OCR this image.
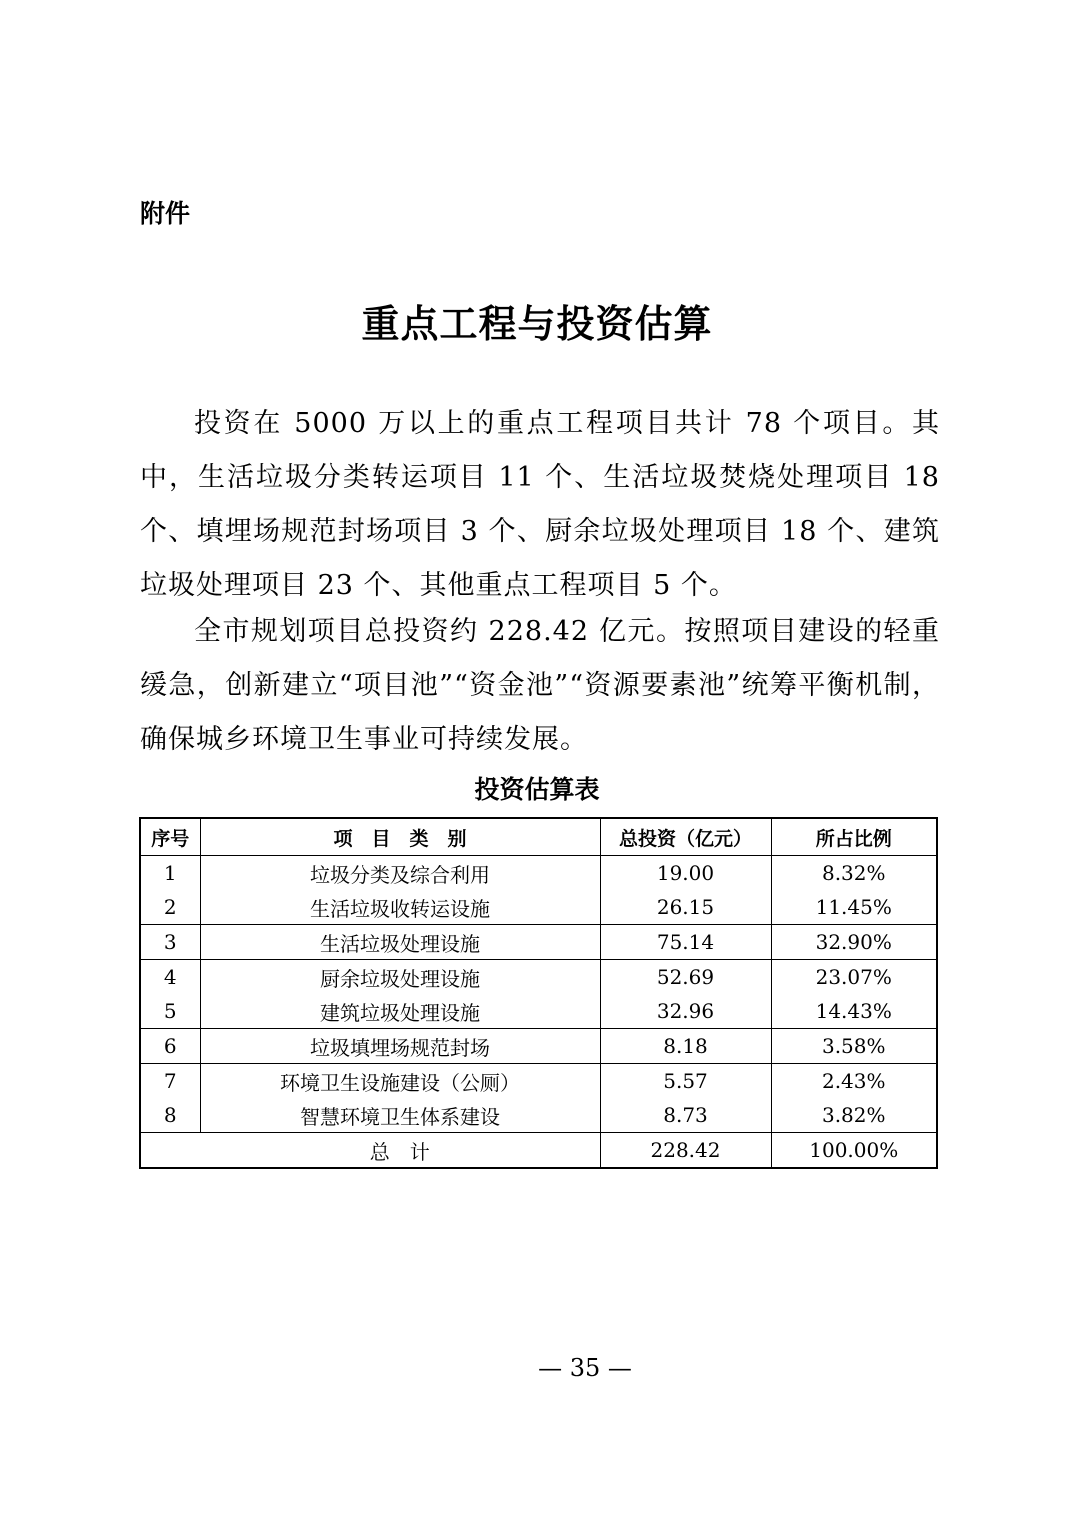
附件
重点工程与投资估算
投资在 5000 万以上的重点工程项目共计 78 个项目。其中，生活垃圾分类转运项目 11 个、生活垃圾焚烧处理项目 18 个、填埋场规范封场项目 3 个、厨余垃圾处理项目 18 个、建筑垃圾处理项目 23 个、其他重点工程项目 5 个。
全市规划项目总投资约 228.42 亿元。按照项目建设的轻重缓急，创新建立“项目池”“资金池”“资源要素池”统筹平衡机制，确保城乡环境卫生事业可持续发展。
投资估算表
序号	项　目　类　别	总投资（亿元）	所占比例
1	垃圾分类及综合利用	19.00	8.32%
2	生活垃圾收转运设施	26.15	11.45%
3	生活垃圾处理设施	75.14	32.90%
4	厨余垃圾处理设施	52.69	23.07%
5	建筑垃圾处理设施	32.96	14.43%
6	垃圾填埋场规范封场	8.18	3.58%
7	环境卫生设施建设（公厕）	5.57	2.43%
8	智慧环境卫生体系建设	8.73	3.82%
	总　计	228.42	100.00%
— 35 —
